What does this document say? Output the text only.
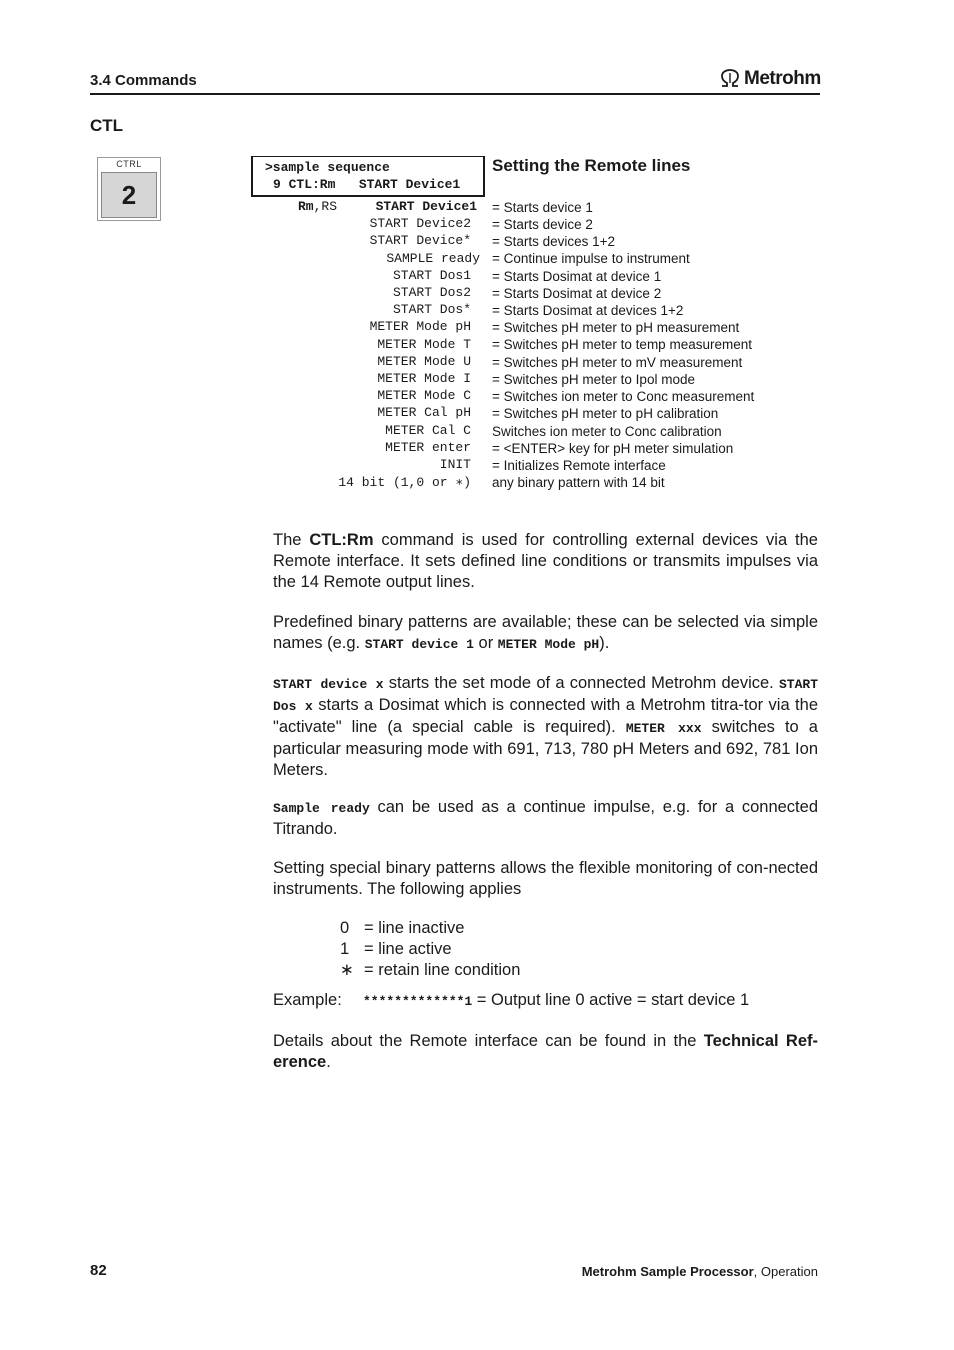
3.4 Commands	Metrohm
CTL
CTRL
2
>sample sequence
9 CTL:Rm   START Device1
Setting the Remote lines
Rm,RS	START Device1 = Starts device 1
START Device2 = Starts device 2
START Device* = Starts devices 1+2
SAMPLE ready = Continue impulse to instrument
START Dos1 = Starts Dosimat at device 1
START Dos2 = Starts Dosimat at device 2
START Dos* = Starts Dosimat at devices 1+2
METER Mode pH = Switches pH meter to pH measurement
METER Mode T = Switches pH meter to temp measurement
METER Mode U = Switches pH meter to mV measurement
METER Mode I = Switches pH meter to Ipol mode
METER Mode C = Switches ion meter to Conc measurement
METER Cal pH = Switches pH meter to pH calibration
METER Cal C Switches ion meter to Conc calibration
METER enter = <ENTER> key for pH meter simulation
INIT = Initializes Remote interface
14 bit (1,0 or ∗) any binary pattern with 14 bit
The CTL:Rm command is used for controlling external devices via the Remote interface. It sets defined line conditions or transmits impulses via the 14 Remote output lines.
Predefined binary patterns are available; these can be selected via simple names (e.g. START device 1 or METER Mode pH).
START device x starts the set mode of a connected Metrohm device. START Dos x starts a Dosimat which is connected with a Metrohm titra-tor via the "activate" line (a special cable is required). METER xxx switches to a particular measuring mode with 691, 713, 780 pH Meters and 692, 781 Ion Meters.
Sample ready can be used as a continue impulse, e.g. for a connected Titrando.
Setting special binary patterns allows the flexible monitoring of con-nected instruments. The following applies
0 = line inactive
1 = line active
∗ = retain line condition
Example: *************1 = Output line 0 active = start device 1
Details about the Remote interface can be found in the Technical Ref-erence.
82	Metrohm Sample Processor, Operation
